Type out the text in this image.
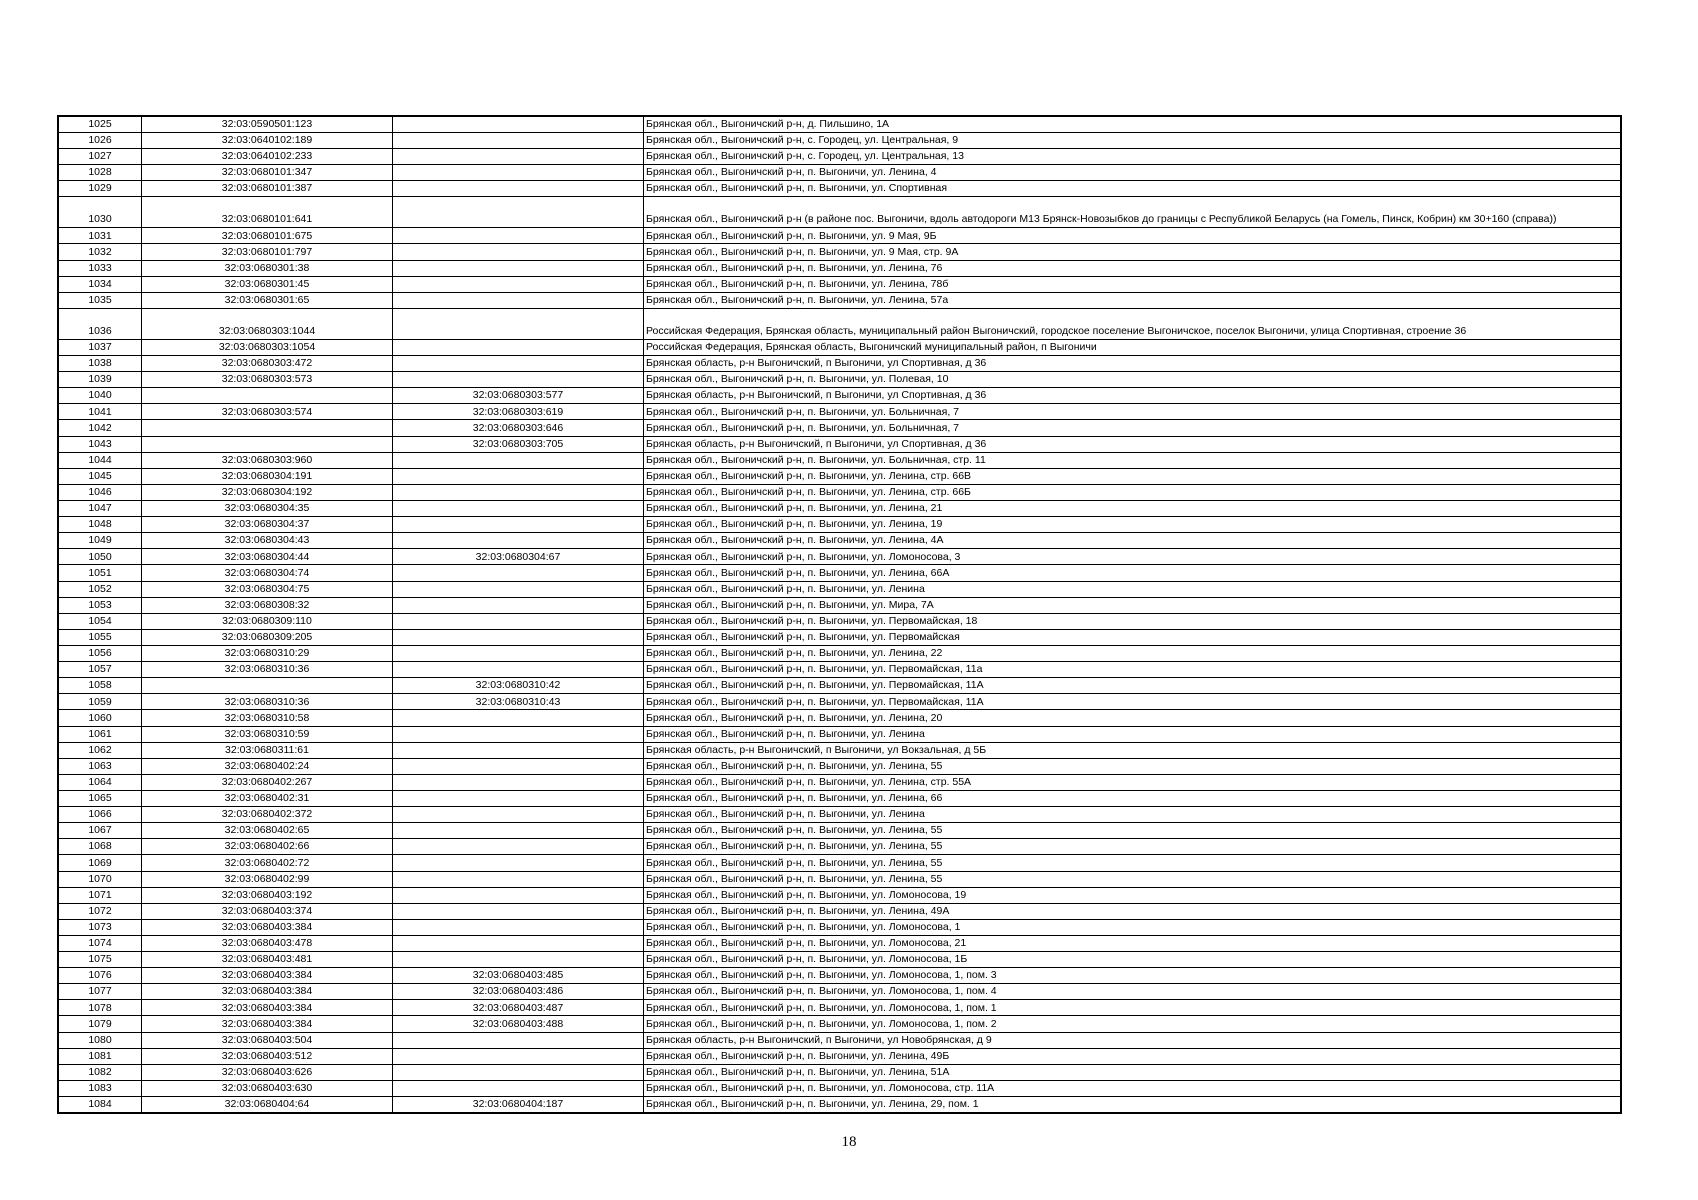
1025	32:03:0590501:123		Брянская обл., Выгоничский р-н, д. Пильшино, 1А
1026	32:03:0640102:189		Брянская обл., Выгоничский р-н, с. Городец, ул. Центральная, 9
1027	32:03:0640102:233		Брянская обл., Выгоничский р-н, с. Городец, ул. Центральная, 13
1028	32:03:0680101:347		Брянская обл., Выгоничский р-н, п. Выгоничи, ул. Ленина, 4
1029	32:03:0680101:387		Брянская обл., Выгоничский р-н, п. Выгоничи, ул. Спортивная
1030	32:03:0680101:641		Брянская обл., Выгоничский р-н (в районе пос. Выгоничи, вдоль автодороги М13 Брянск-Новозыбков до границы с Республикой Беларусь (на Гомель, Пинск, Кобрин) км 30+160 (справа))
1031	32:03:0680101:675		Брянская обл., Выгоничский р-н, п. Выгоничи, ул. 9 Мая, 9Б
1032	32:03:0680101:797		Брянская обл., Выгоничский р-н, п. Выгоничи, ул. 9 Мая, стр. 9А
1033	32:03:0680301:38		Брянская обл., Выгоничский р-н, п. Выгоничи, ул. Ленина, 76
1034	32:03:0680301:45		Брянская обл., Выгоничский р-н, п. Выгоничи, ул. Ленина, 78б
1035	32:03:0680301:65		Брянская обл., Выгоничский р-н, п. Выгоничи, ул. Ленина, 57а
1036	32:03:0680303:1044		Российская Федерация, Брянская область, муниципальный район Выгоничский, городское поселение Выгоничское, поселок Выгоничи, улица Спортивная, строение 36
1037	32:03:0680303:1054		Российская Федерация, Брянская область, Выгоничский муниципальный район, п Выгоничи
1038	32:03:0680303:472		Брянская область, р-н Выгоничский, п Выгоничи, ул Спортивная, д 36
1039	32:03:0680303:573		Брянская обл., Выгоничский р-н, п. Выгоничи, ул. Полевая, 10
1040		32:03:0680303:577	Брянская область, р-н Выгоничский, п Выгоничи, ул Спортивная, д 36
1041	32:03:0680303:574	32:03:0680303:619	Брянская обл., Выгоничский р-н, п. Выгоничи, ул. Больничная, 7
1042		32:03:0680303:646	Брянская обл., Выгоничский р-н, п. Выгоничи, ул. Больничная, 7
1043		32:03:0680303:705	Брянская область, р-н Выгоничский, п Выгоничи, ул Спортивная, д 36
1044	32:03:0680303:960		Брянская обл., Выгоничский р-н, п. Выгоничи, ул. Больничная, стр. 11
1045	32:03:0680304:191		Брянская обл., Выгоничский р-н, п. Выгоничи, ул. Ленина, стр. 66В
1046	32:03:0680304:192		Брянская обл., Выгоничский р-н, п. Выгоничи, ул. Ленина, стр. 66Б
1047	32:03:0680304:35		Брянская обл., Выгоничский р-н, п. Выгоничи, ул. Ленина, 21
1048	32:03:0680304:37		Брянская обл., Выгоничский р-н, п. Выгоничи, ул. Ленина, 19
1049	32:03:0680304:43		Брянская обл., Выгоничский р-н, п. Выгоничи, ул. Ленина, 4А
1050	32:03:0680304:44	32:03:0680304:67	Брянская обл., Выгоничский р-н, п. Выгоничи, ул. Ломоносова, 3
1051	32:03:0680304:74		Брянская обл., Выгоничский р-н, п. Выгоничи, ул. Ленина, 66А
1052	32:03:0680304:75		Брянская обл., Выгоничский р-н, п. Выгоничи, ул. Ленина
1053	32:03:0680308:32		Брянская обл., Выгоничский р-н, п. Выгоничи, ул. Мира, 7А
1054	32:03:0680309:110		Брянская обл., Выгоничский р-н, п. Выгоничи, ул. Первомайская, 18
1055	32:03:0680309:205		Брянская обл., Выгоничский р-н, п. Выгоничи, ул. Первомайская
1056	32:03:0680310:29		Брянская обл., Выгоничский р-н, п. Выгоничи, ул. Ленина, 22
1057	32:03:0680310:36		Брянская обл., Выгоничский р-н, п. Выгоничи, ул. Первомайская, 11а
1058		32:03:0680310:42	Брянская обл., Выгоничский р-н, п. Выгоничи, ул. Первомайская, 11А
1059	32:03:0680310:36	32:03:0680310:43	Брянская обл., Выгоничский р-н, п. Выгоничи, ул. Первомайская, 11А
1060	32:03:0680310:58		Брянская обл., Выгоничский р-н, п. Выгоничи, ул. Ленина, 20
1061	32:03:0680310:59		Брянская обл., Выгоничский р-н, п. Выгоничи, ул. Ленина
1062	32:03:0680311:61		Брянская область, р-н Выгоничский, п Выгоничи, ул Вокзальная, д 5Б
1063	32:03:0680402:24		Брянская обл., Выгоничский р-н, п. Выгоничи, ул. Ленина, 55
1064	32:03:0680402:267		Брянская обл., Выгоничский р-н, п. Выгоничи, ул. Ленина, стр. 55А
1065	32:03:0680402:31		Брянская обл., Выгоничский р-н, п. Выгоничи, ул. Ленина, 66
1066	32:03:0680402:372		Брянская обл., Выгоничский р-н, п. Выгоничи, ул. Ленина
1067	32:03:0680402:65		Брянская обл., Выгоничский р-н, п. Выгоничи, ул. Ленина, 55
1068	32:03:0680402:66		Брянская обл., Выгоничский р-н, п. Выгоничи, ул. Ленина, 55
1069	32:03:0680402:72		Брянская обл., Выгоничский р-н, п. Выгоничи, ул. Ленина, 55
1070	32:03:0680402:99		Брянская обл., Выгоничский р-н, п. Выгоничи, ул. Ленина, 55
1071	32:03:0680403:192		Брянская обл., Выгоничский р-н, п. Выгоничи, ул. Ломоносова, 19
1072	32:03:0680403:374		Брянская обл., Выгоничский р-н, п. Выгоничи, ул. Ленина, 49А
1073	32:03:0680403:384		Брянская обл., Выгоничский р-н, п. Выгоничи, ул. Ломоносова, 1
1074	32:03:0680403:478		Брянская обл., Выгоничский р-н, п. Выгоничи, ул. Ломоносова, 21
1075	32:03:0680403:481		Брянская обл., Выгоничский р-н, п. Выгоничи, ул. Ломоносова, 1Б
1076	32:03:0680403:384	32:03:0680403:485	Брянская обл., Выгоничский р-н, п. Выгоничи, ул. Ломоносова, 1, пом. 3
1077	32:03:0680403:384	32:03:0680403:486	Брянская обл., Выгоничский р-н, п. Выгоничи, ул. Ломоносова, 1, пом. 4
1078	32:03:0680403:384	32:03:0680403:487	Брянская обл., Выгоничский р-н, п. Выгоничи, ул. Ломоносова, 1, пом. 1
1079	32:03:0680403:384	32:03:0680403:488	Брянская обл., Выгоничский р-н, п. Выгоничи, ул. Ломоносова, 1, пом. 2
1080	32:03:0680403:504		Брянская область, р-н Выгоничский, п Выгоничи, ул Новобрянская, д 9
1081	32:03:0680403:512		Брянская обл., Выгоничский р-н, п. Выгоничи, ул. Ленина, 49Б
1082	32:03:0680403:626		Брянская обл., Выгоничский р-н, п. Выгоничи, ул. Ленина, 51А
1083	32:03:0680403:630		Брянская обл., Выгоничский р-н, п. Выгоничи, ул. Ломоносова, стр. 11А
1084	32:03:0680404:64	32:03:0680404:187	Брянская обл., Выгоничский р-н, п. Выгоничи, ул. Ленина, 29, пом. 1
18
